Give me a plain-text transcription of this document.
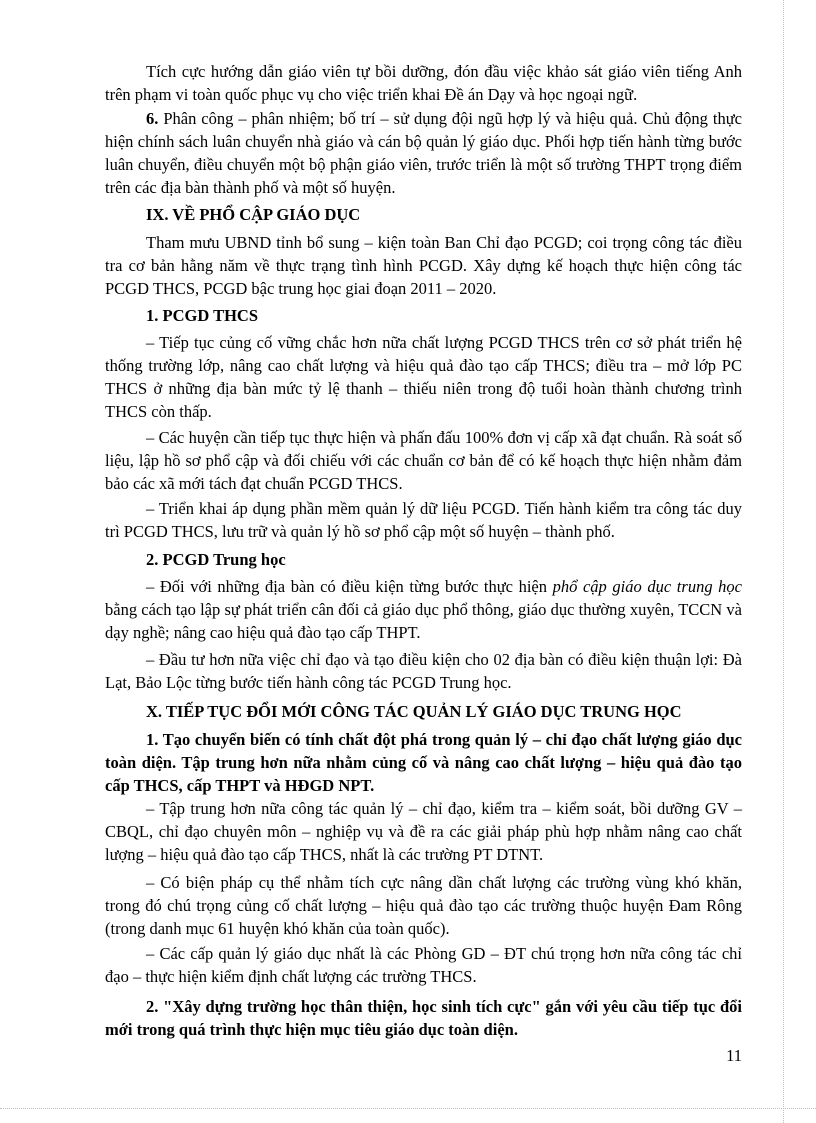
Tích cực hướng dẫn giáo viên tự bồi dưỡng, đón đầu việc khảo sát giáo viên tiếng Anh trên phạm vi toàn quốc phục vụ cho việc triển khai Đề án Dạy và học ngoại ngữ.

6. Phân công – phân nhiệm; bố trí – sử dụng đội ngũ hợp lý và hiệu quả. Chủ động thực hiện chính sách luân chuyển nhà giáo và cán bộ quản lý giáo dục. Phối hợp tiến hành từng bước luân chuyển, điều chuyển một bộ phận giáo viên, trước triển là một số trường THPT trọng điểm trên các địa bàn thành phố và một số huyện.

IX. VỀ PHỔ CẬP GIÁO DỤC

Tham mưu UBND tỉnh bổ sung – kiện toàn Ban Chỉ đạo PCGD; coi trọng công tác điều tra cơ bản hằng năm về thực trạng tình hình PCGD. Xây dựng kế hoạch thực hiện công tác PCGD THCS, PCGD bậc trung học giai đoạn 2011 – 2020.

1. PCGD THCS

– Tiếp tục củng cố vững chắc hơn nữa chất lượng PCGD THCS trên cơ sở phát triển hệ thống trường lớp, nâng cao chất lượng và hiệu quả đào tạo cấp THCS; điều tra – mở lớp PC THCS ở những địa bàn mức tỷ lệ thanh – thiếu niên trong độ tuổi hoàn thành chương trình THCS còn thấp.

– Các huyện cần tiếp tục thực hiện và phấn đấu 100% đơn vị cấp xã đạt chuẩn. Rà soát số liệu, lập hồ sơ phổ cập và đối chiếu với các chuẩn cơ bản để có kế hoạch thực hiện nhằm đảm bảo các xã mới tách đạt chuẩn PCGD THCS.

– Triển khai áp dụng phần mềm quản lý dữ liệu PCGD. Tiến hành kiểm tra công tác duy trì PCGD THCS, lưu trữ và quản lý hồ sơ phổ cập một số huyện – thành phố.

2. PCGD Trung học

– Đối với những địa bàn có điều kiện từng bước thực hiện phổ cập giáo dục trung học bằng cách tạo lập sự phát triển cân đối cả giáo dục phổ thông, giáo dục thường xuyên, TCCN và dạy nghề; nâng cao hiệu quả đào tạo cấp THPT.

– Đầu tư hơn nữa việc chỉ đạo và tạo điều kiện cho 02 địa bàn có điều kiện thuận lợi: Đà Lạt, Bảo Lộc từng bước tiến hành công tác PCGD Trung học.

X. TIẾP TỤC ĐỔI MỚI CÔNG TÁC QUẢN LÝ GIÁO DỤC TRUNG HỌC

1. Tạo chuyển biến có tính chất đột phá trong quản lý – chỉ đạo chất lượng giáo dục toàn diện. Tập trung hơn nữa nhằm củng cố và nâng cao chất lượng – hiệu quả đào tạo cấp THCS, cấp THPT và HĐGD NPT.

– Tập trung hơn nữa công tác quản lý – chỉ đạo, kiểm tra – kiểm soát, bồi dưỡng GV – CBQL, chỉ đạo chuyên môn – nghiệp vụ và đề ra các giải pháp phù hợp nhằm nâng cao chất lượng – hiệu quả đào tạo cấp THCS, nhất là các trường PT DTNT.

– Có biện pháp cụ thể nhằm tích cực nâng dần chất lượng các trường vùng khó khăn, trong đó chú trọng củng cố chất lượng – hiệu quả đào tạo các trường thuộc huyện Đam Rông (trong danh mục 61 huyện khó khăn của toàn quốc).

– Các cấp quản lý giáo dục nhất là các Phòng GD – ĐT chú trọng hơn nữa công tác chỉ đạo – thực hiện kiểm định chất lượng các trường THCS.

2. "Xây dựng trường học thân thiện, học sinh tích cực" gắn với yêu cầu tiếp tục đổi mới trong quá trình thực hiện mục tiêu giáo dục toàn diện.

11
